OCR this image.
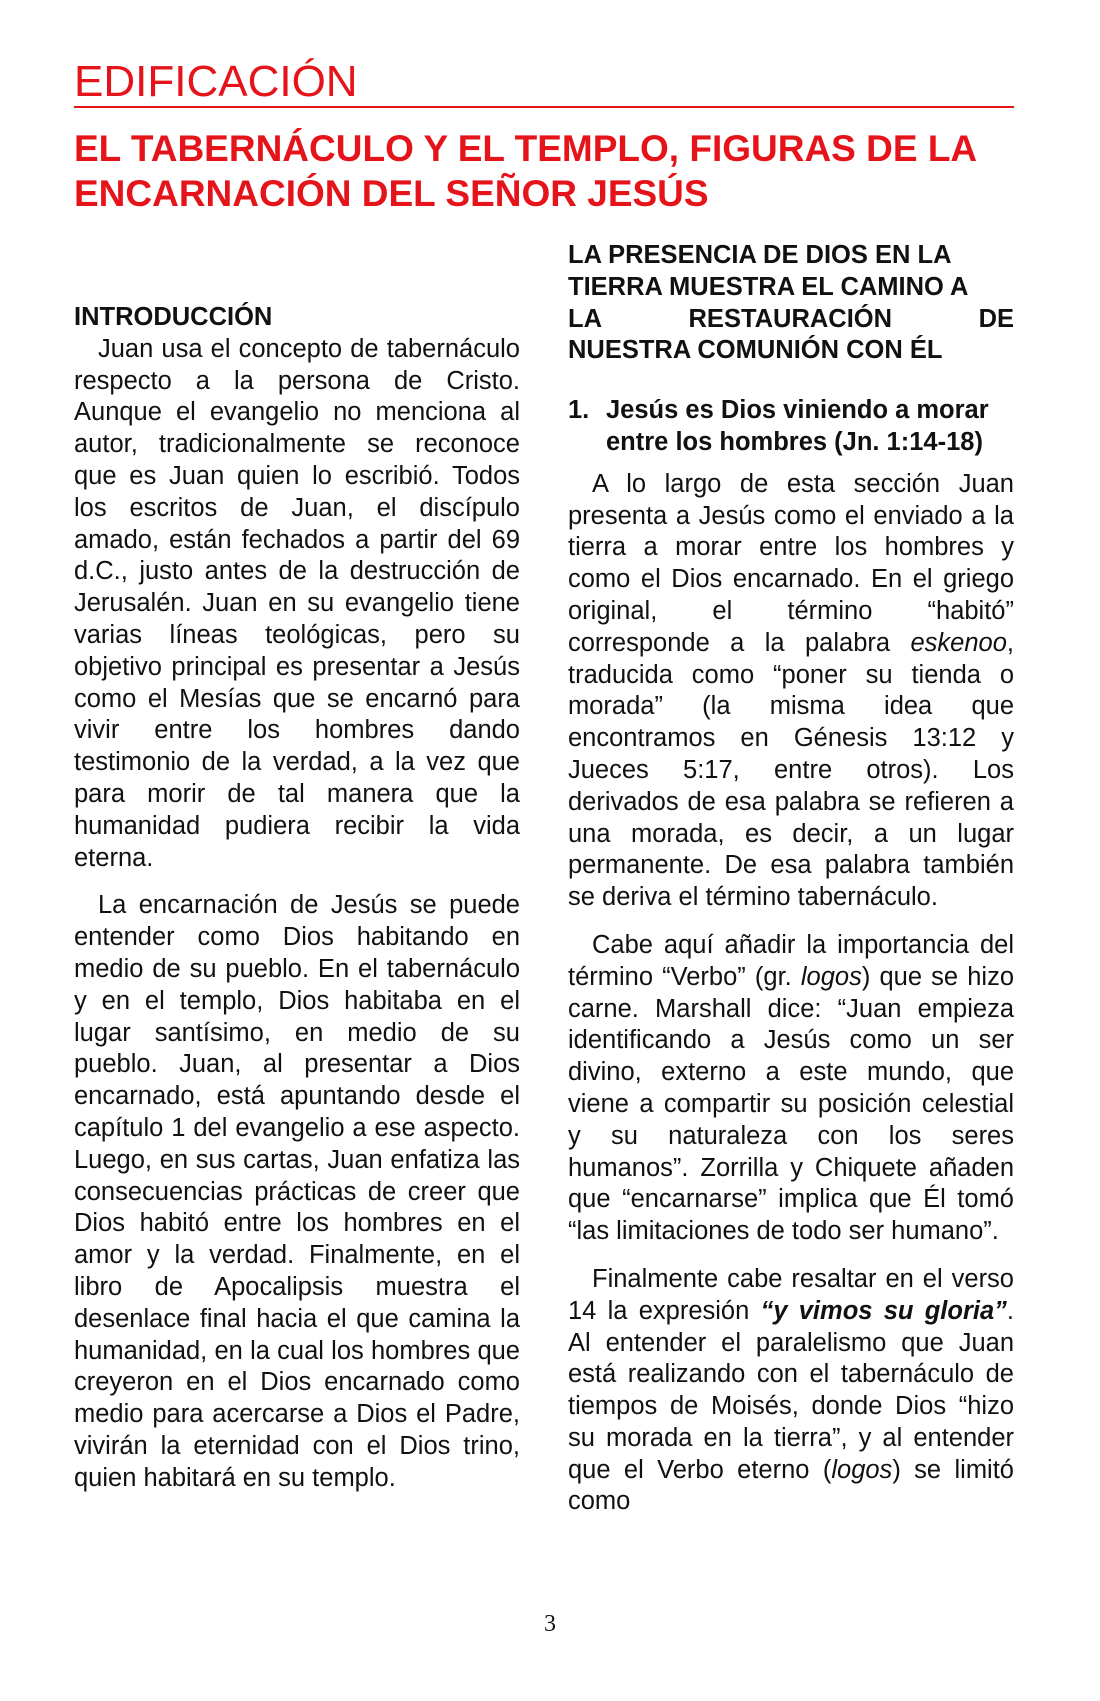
EDIFICACIÓN
EL TABERNÁCULO Y EL TEMPLO, FIGURAS DE LA ENCARNACIÓN DEL SEÑOR JESÚS
INTRODUCCIÓN

Juan usa el concepto de tabernáculo respecto a la persona de Cristo. Aunque el evangelio no menciona al autor, tradicionalmente se reconoce que es Juan quien lo escribió. Todos los escritos de Juan, el discípulo amado, están fechados a partir del 69 d.C., justo antes de la destrucción de Jerusalén. Juan en su evangelio tiene varias líneas teológicas, pero su objetivo principal es presentar a Jesús como el Mesías que se encarnó para vivir entre los hombres dando testimonio de la verdad, a la vez que para morir de tal manera que la humanidad pudiera recibir la vida eterna.

La encarnación de Jesús se puede entender como Dios habitando en medio de su pueblo. En el tabernáculo y en el templo, Dios habitaba en el lugar santísimo, en medio de su pueblo. Juan, al presentar a Dios encarnado, está apuntando desde el capítulo 1 del evangelio a ese aspecto. Luego, en sus cartas, Juan enfatiza las consecuencias prácticas de creer que Dios habitó entre los hombres en el amor y la verdad. Finalmente, en el libro de Apocalipsis muestra el desenlace final hacia el que camina la humanidad, en la cual los hombres que creyeron en el Dios encarnado como medio para acercarse a Dios el Padre, vivirán la eternidad con el Dios trino, quien habitará en su templo.

LA PRESENCIA DE DIOS EN LA
TIERRA MUESTRA EL CAMINO A
LA	RESTAURACIÓN	DE
NUESTRA COMUNIÓN CON ÉL
1. Jesús es Dios viniendo a morar entre los hombres (Jn. 1:14-18)

A lo largo de esta sección Juan presenta a Jesús como el enviado a la tierra a morar entre los hombres y como el Dios encarnado. En el griego original, el término “habitó” corresponde a la palabra eskenoo, traducida como “poner su tienda o morada” (la misma idea que encontramos en Génesis 13:12 y Jueces 5:17, entre otros). Los derivados de esa palabra se refieren a una morada, es decir, a un lugar permanente. De esa palabra también se deriva el término tabernáculo.

Cabe aquí añadir la importancia del término “Verbo” (gr. logos) que se hizo carne. Marshall dice: “Juan empieza identificando a Jesús como un ser divino, externo a este mundo, que viene a compartir su posición celestial y su naturaleza con los seres humanos”. Zorrilla y Chiquete añaden que “encarnarse” implica que Él tomó “las limitaciones de todo ser humano”.

Finalmente cabe resaltar en el verso 14 la expresión “y vimos su gloria”. Al entender el paralelismo que Juan está realizando con el tabernáculo de tiempos de Moisés, donde Dios “hizo su morada en la tierra”, y al entender que el Verbo eterno (logos) se limitó como

3
